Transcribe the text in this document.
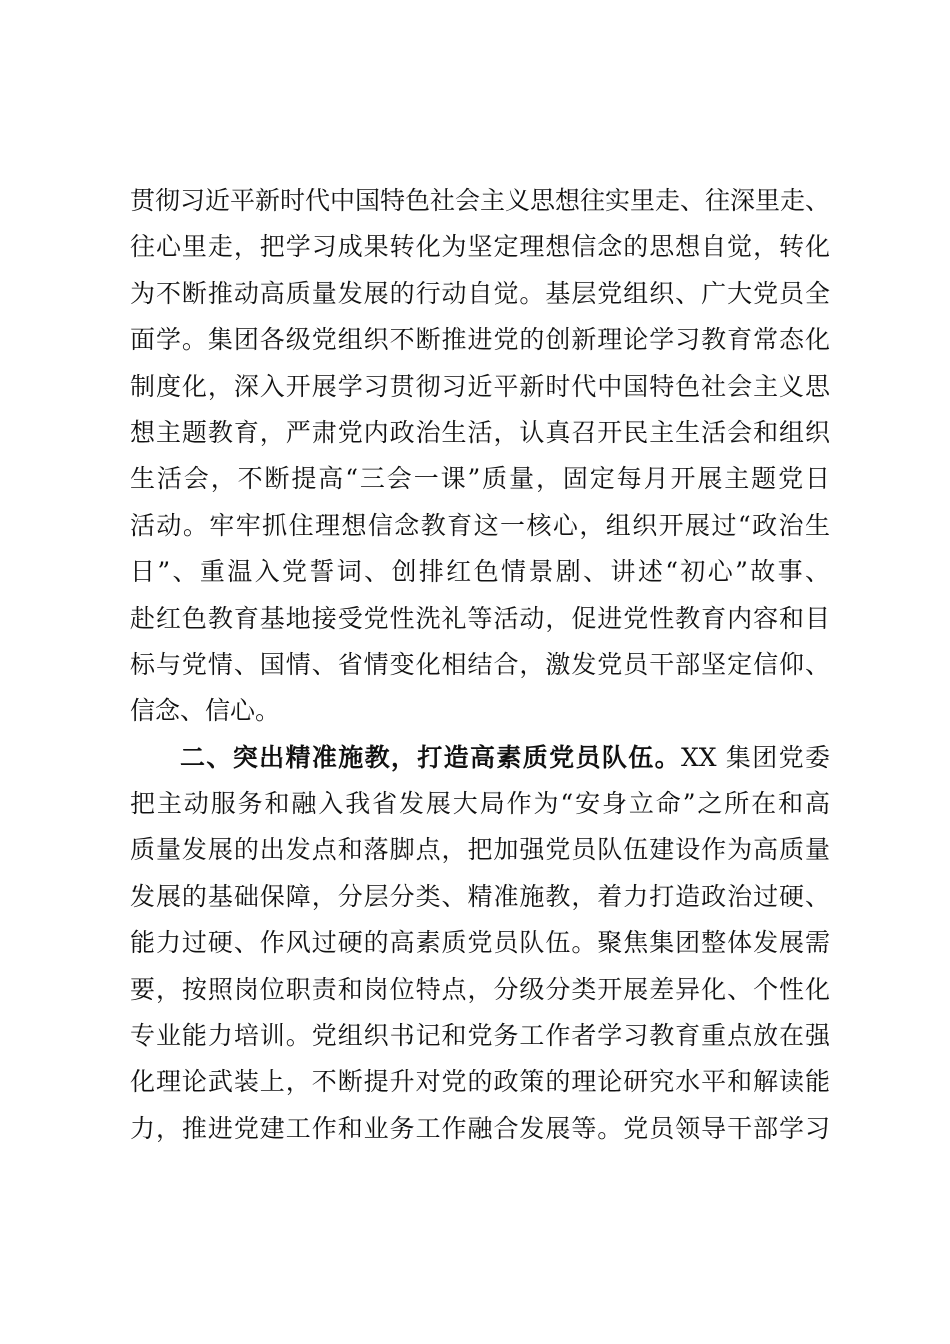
贯彻习近平新时代中国特色社会主义思想往实里走、往深里走、
往心里走，把学习成果转化为坚定理想信念的思想自觉，转化
为不断推动高质量发展的行动自觉。基层党组织、广大党员全
面学。集团各级党组织不断推进党的创新理论学习教育常态化
制度化，深入开展学习贯彻习近平新时代中国特色社会主义思
想主题教育，严肃党内政治生活，认真召开民主生活会和组织
生活会，不断提高“三会一课”质量，固定每月开展主题党日
活动。牢牢抓住理想信念教育这一核心，组织开展过“政治生
日”、重温入党誓词、创排红色情景剧、讲述“初心”故事、
赴红色教育基地接受党性洗礼等活动，促进党性教育内容和目
标与党情、国情、省情变化相结合，激发党员干部坚定信仰、
信念、信心。
二、突出精准施教，打造高素质党员队伍。XX 集团党委
把主动服务和融入我省发展大局作为“安身立命”之所在和高
质量发展的出发点和落脚点，把加强党员队伍建设作为高质量
发展的基础保障，分层分类、精准施教，着力打造政治过硬、
能力过硬、作风过硬的高素质党员队伍。聚焦集团整体发展需
要，按照岗位职责和岗位特点，分级分类开展差异化、个性化
专业能力培训。党组织书记和党务工作者学习教育重点放在强
化理论武装上，不断提升对党的政策的理论研究水平和解读能
力，推进党建工作和业务工作融合发展等。党员领导干部学习
